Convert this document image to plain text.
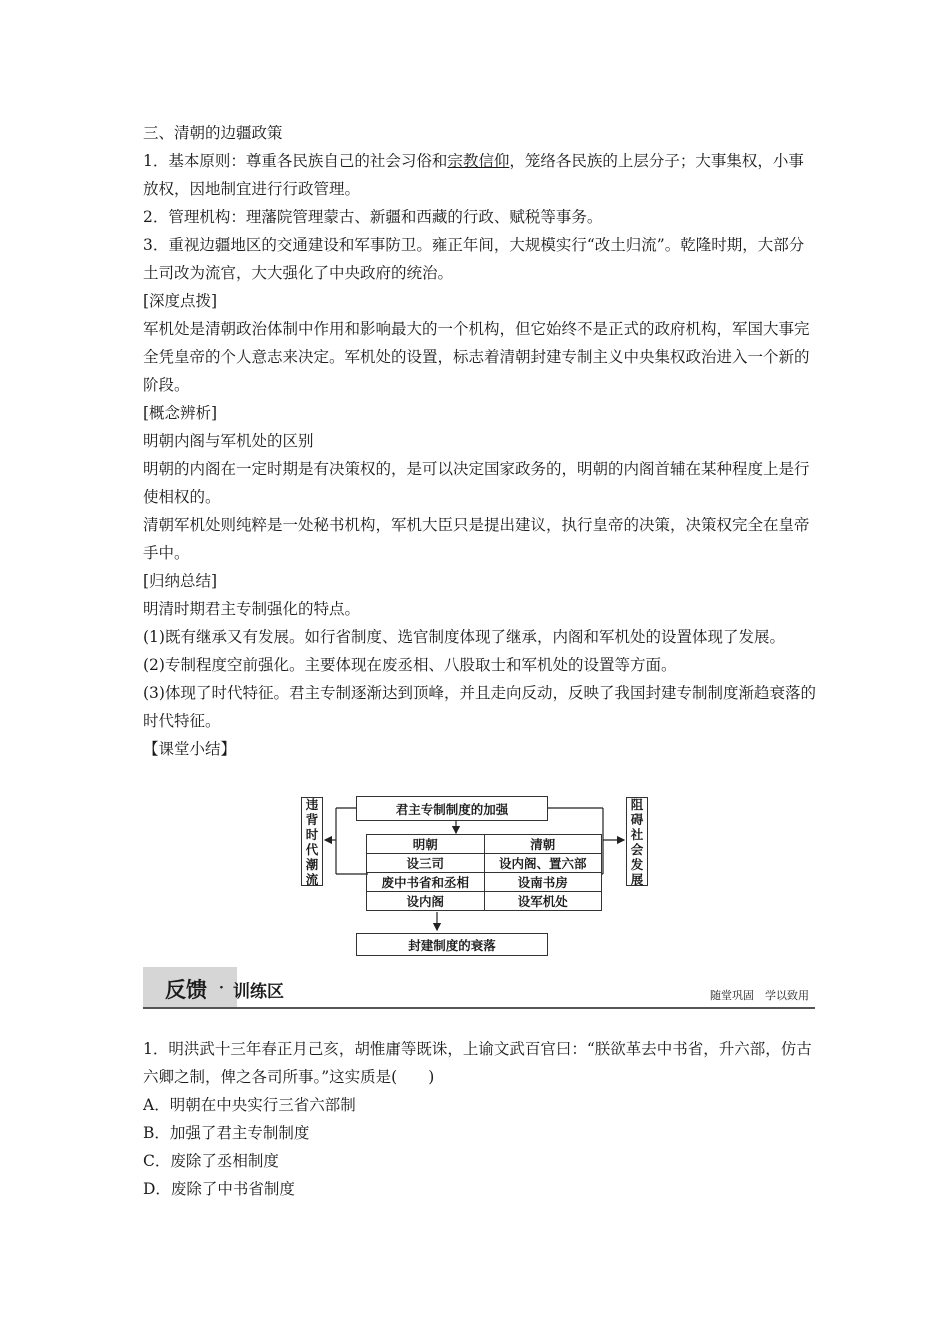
三、清朝的边疆政策

1．基本原则：尊重各民族自己的社会习俗和宗教信仰，笼络各民族的上层分子；大事集权，小事放权，因地制宜进行行政管理。

2．管理机构：理藩院管理蒙古、新疆和西藏的行政、赋税等事务。

3．重视边疆地区的交通建设和军事防卫。雍正年间，大规模实行“改土归流”。乾隆时期，大部分土司改为流官，大大强化了中央政府的统治。

[深度点拨]

军机处是清朝政治体制中作用和影响最大的一个机构，但它始终不是正式的政府机构，军国大事完全凭皇帝的个人意志来决定。军机处的设置，标志着清朝封建专制主义中央集权政治进入一个新的阶段。

[概念辨析]

明朝内阁与军机处的区别

明朝的内阁在一定时期是有决策权的，是可以决定国家政务的，明朝的内阁首辅在某种程度上是行使相权的。

清朝军机处则纯粹是一处秘书机构，军机大臣只是提出建议，执行皇帝的决策，决策权完全在皇帝手中。

[归纳总结]

明清时期君主专制强化的特点。

(1)既有继承又有发展。如行省制度、选官制度体现了继承，内阁和军机处的设置体现了发展。

(2)专制程度空前强化。主要体现在废丞相、八股取士和军机处的设置等方面。

(3)体现了时代特征。君主专制逐渐达到顶峰，并且走向反动，反映了我国封建专制制度渐趋衰落的时代特征。

【课堂小结】

君主专制制度的加强
违背时代潮流
阻碍社会发展
明朝	清朝
设三司	设内阁、置六部
废中书省和丞相	设南书房
设内阁	设军机处
封建制度的衰落
反馈 · 训练区	随堂巩固　学以致用

1．明洪武十三年春正月己亥，胡惟庸等既诛，上谕文武百官曰：“朕欲革去中书省，升六部，仿古六卿之制，俾之各司所事。”这实质是(　　)

A．明朝在中央实行三省六部制

B．加强了君主专制制度

C．废除了丞相制度

D．废除了中书省制度
